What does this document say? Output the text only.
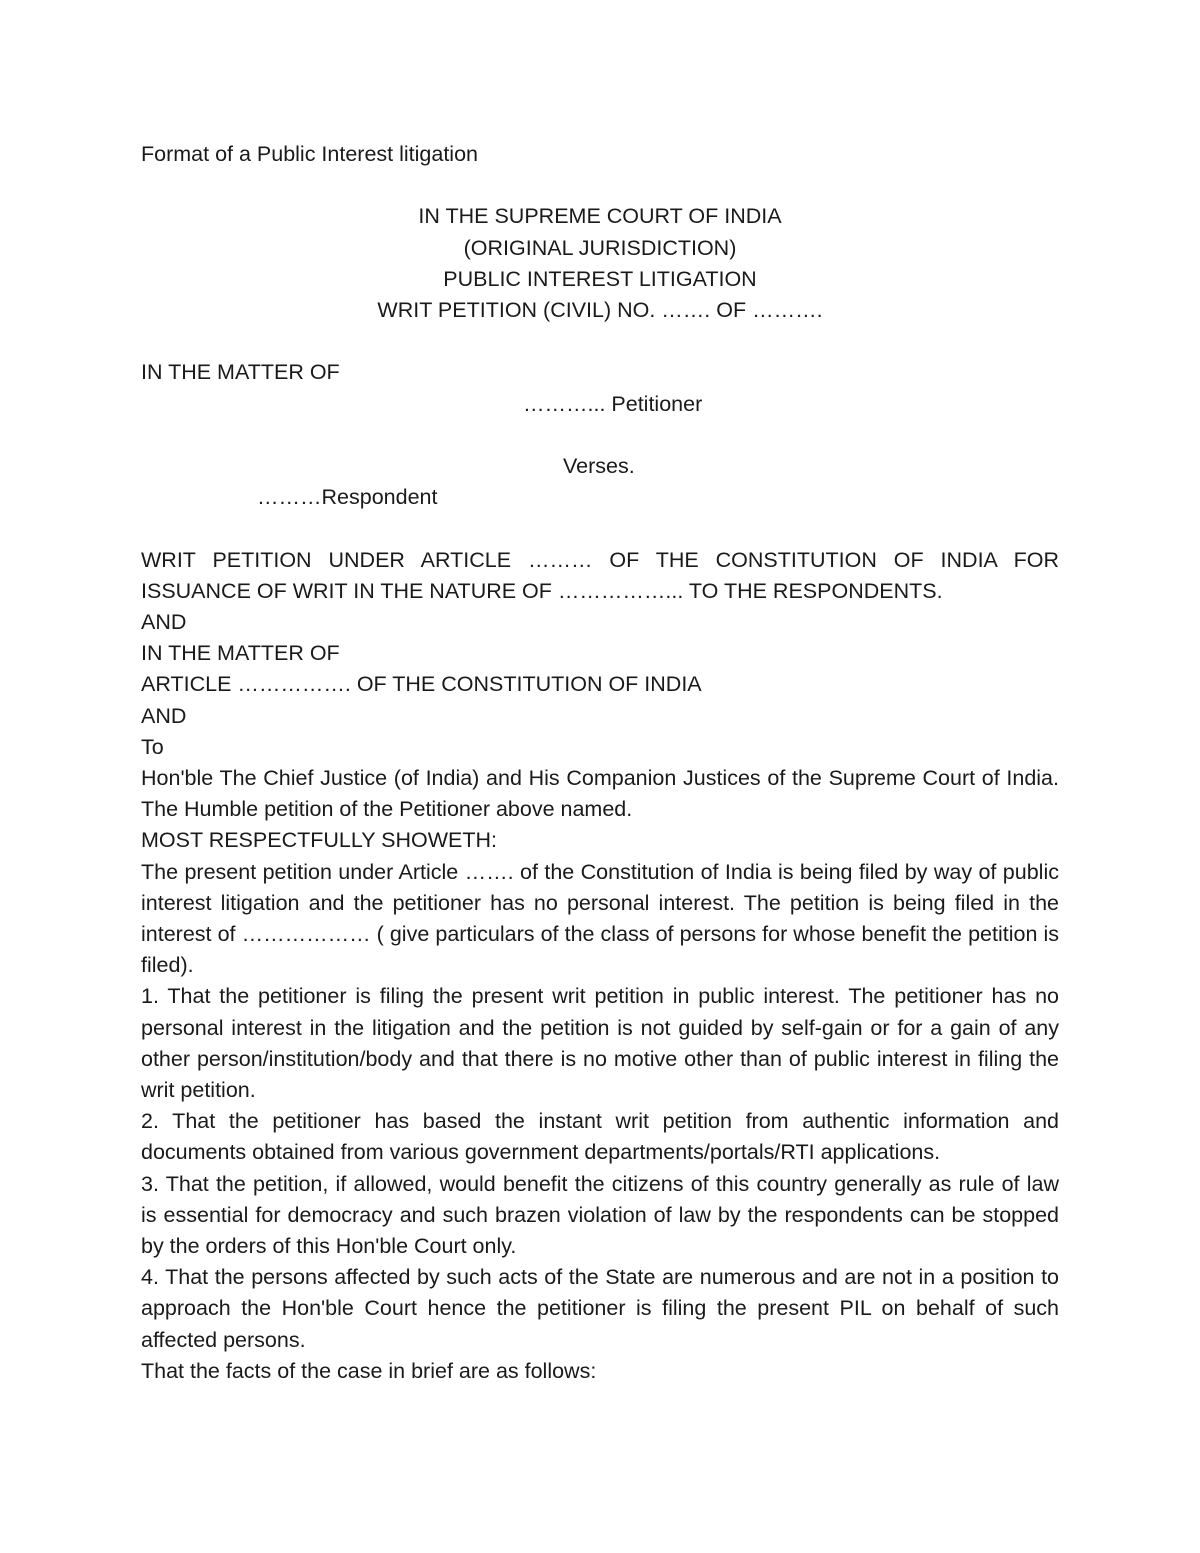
Format of a Public Interest litigation
IN THE SUPREME COURT OF INDIA
(ORIGINAL JURISDICTION)
PUBLIC INTEREST LITIGATION
WRIT PETITION (CIVIL) NO. ……. OF ……….
IN THE MATTER OF
………... Petitioner
Verses.
………Respondent
WRIT PETITION UNDER ARTICLE ……… OF THE CONSTITUTION OF INDIA FOR ISSUANCE OF WRIT IN THE NATURE OF ……………... TO THE RESPONDENTS.
AND
IN THE MATTER OF
ARTICLE ……………. OF THE CONSTITUTION OF INDIA
AND
To
Hon'ble The Chief Justice (of India) and His Companion Justices of the Supreme Court of India. The Humble petition of the Petitioner above named.
MOST RESPECTFULLY SHOWETH:
The present petition under Article ……. of the Constitution of India is being filed by way of public interest litigation and the petitioner has no personal interest. The petition is being filed in the interest of ……………… ( give particulars of the class of persons for whose benefit the petition is filed).
1. That the petitioner is filing the present writ petition in public interest. The petitioner has no personal interest in the litigation and the petition is not guided by self-gain or for a gain of any other person/institution/body and that there is no motive other than of public interest in filing the writ petition.
2. That the petitioner has based the instant writ petition from authentic information and documents obtained from various government departments/portals/RTI applications.
3. That the petition, if allowed, would benefit the citizens of this country generally as rule of law is essential for democracy and such brazen violation of law by the respondents can be stopped by the orders of this Hon'ble Court only.
4. That the persons affected by such acts of the State are numerous and are not in a position to approach the Hon'ble Court hence the petitioner is filing the present PIL on behalf of such affected persons.
That the facts of the case in brief are as follows:
